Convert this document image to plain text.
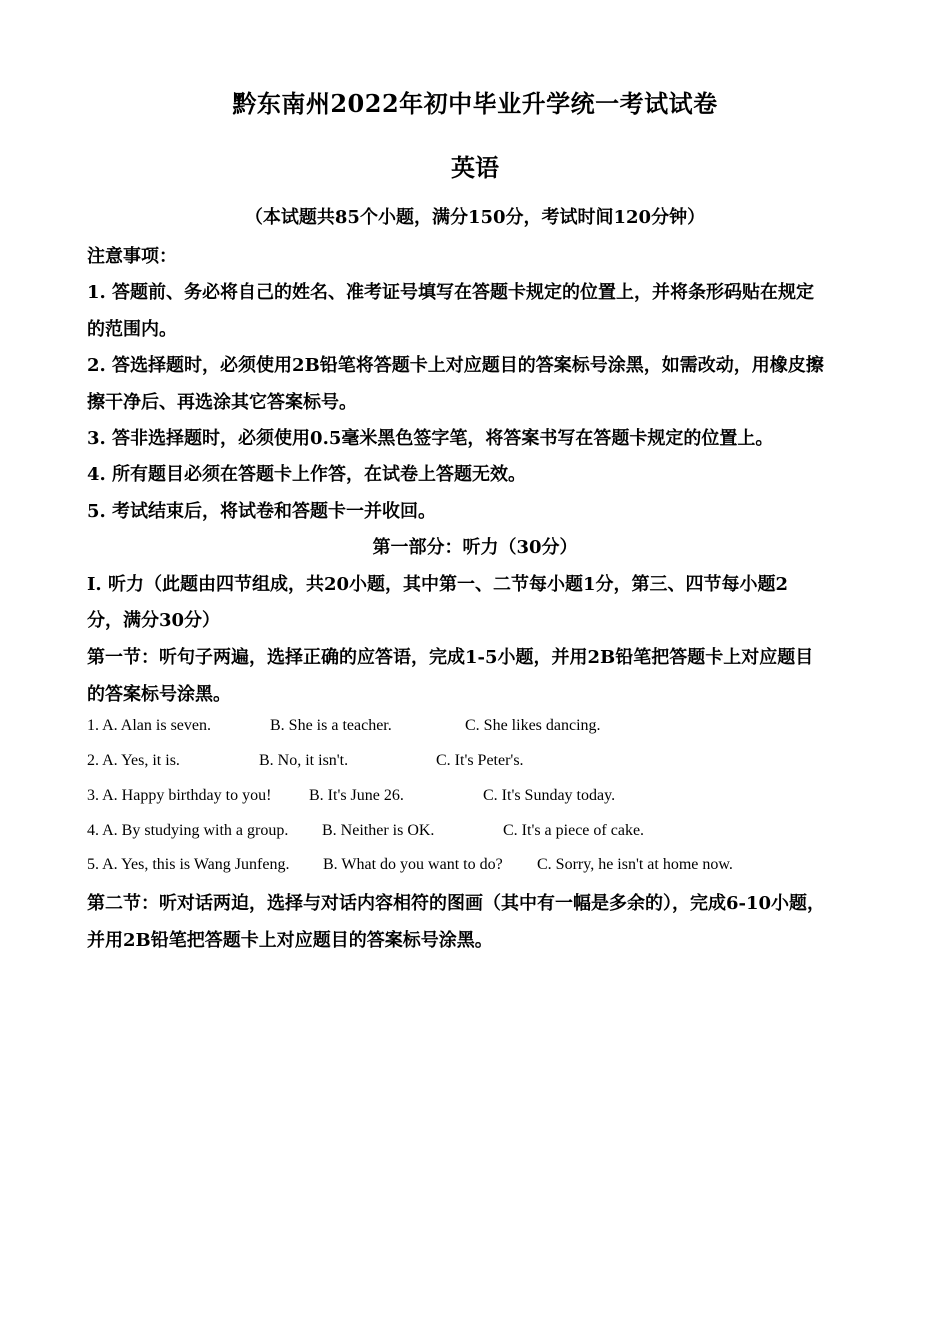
黔东南州2022年初中毕业升学统一考试试卷
英语
（本试题共85个小题，满分150分，考试时间120分钟）
注意事项：
1. 答题前、务必将自己的姓名、准考证号填写在答题卡规定的位置上，并将条形码贴在规定
的范围内。
2. 答选择题时，必须使用2B铅笔将答题卡上对应题目的答案标号涂黑，如需改动，用橡皮擦
擦干净后、再选涂其它答案标号。
3. 答非选择题时，必须使用0.5毫米黑色签字笔，将答案书写在答题卡规定的位置上。
4. 所有题目必须在答题卡上作答，在试卷上答题无效。
5. 考试结束后，将试卷和答题卡一并收回。
第一部分：听力（30分）
Ⅰ. 听力（此题由四节组成，共20小题，其中第一、二节每小题1分，第三、四节每小题2
分，满分30分）
第一节：听句子两遍，选择正确的应答语，完成1-5小题，并用2B铅笔把答题卡上对应题目
的答案标号涂黑。
1. A. Alan is seven.	B. She is a teacher.	C. She likes dancing.
2. A. Yes, it is.	B. No, it isn't.	C. It's Peter's.
3. A. Happy birthday to you! B. It's June 26.	C. It's Sunday today.
4. A. By studying with a group. B. Neither is OK.	C. It's a piece of cake.
5. A. Yes, this is Wang Junfeng. B. What do you want to do? C. Sorry, he isn't at home now.
第二节：听对话两迫，选择与对话内容相符的图画（其中有一幅是多余的），完成6-10小题，
并用2B铅笔把答题卡上对应题目的答案标号涂黑。
